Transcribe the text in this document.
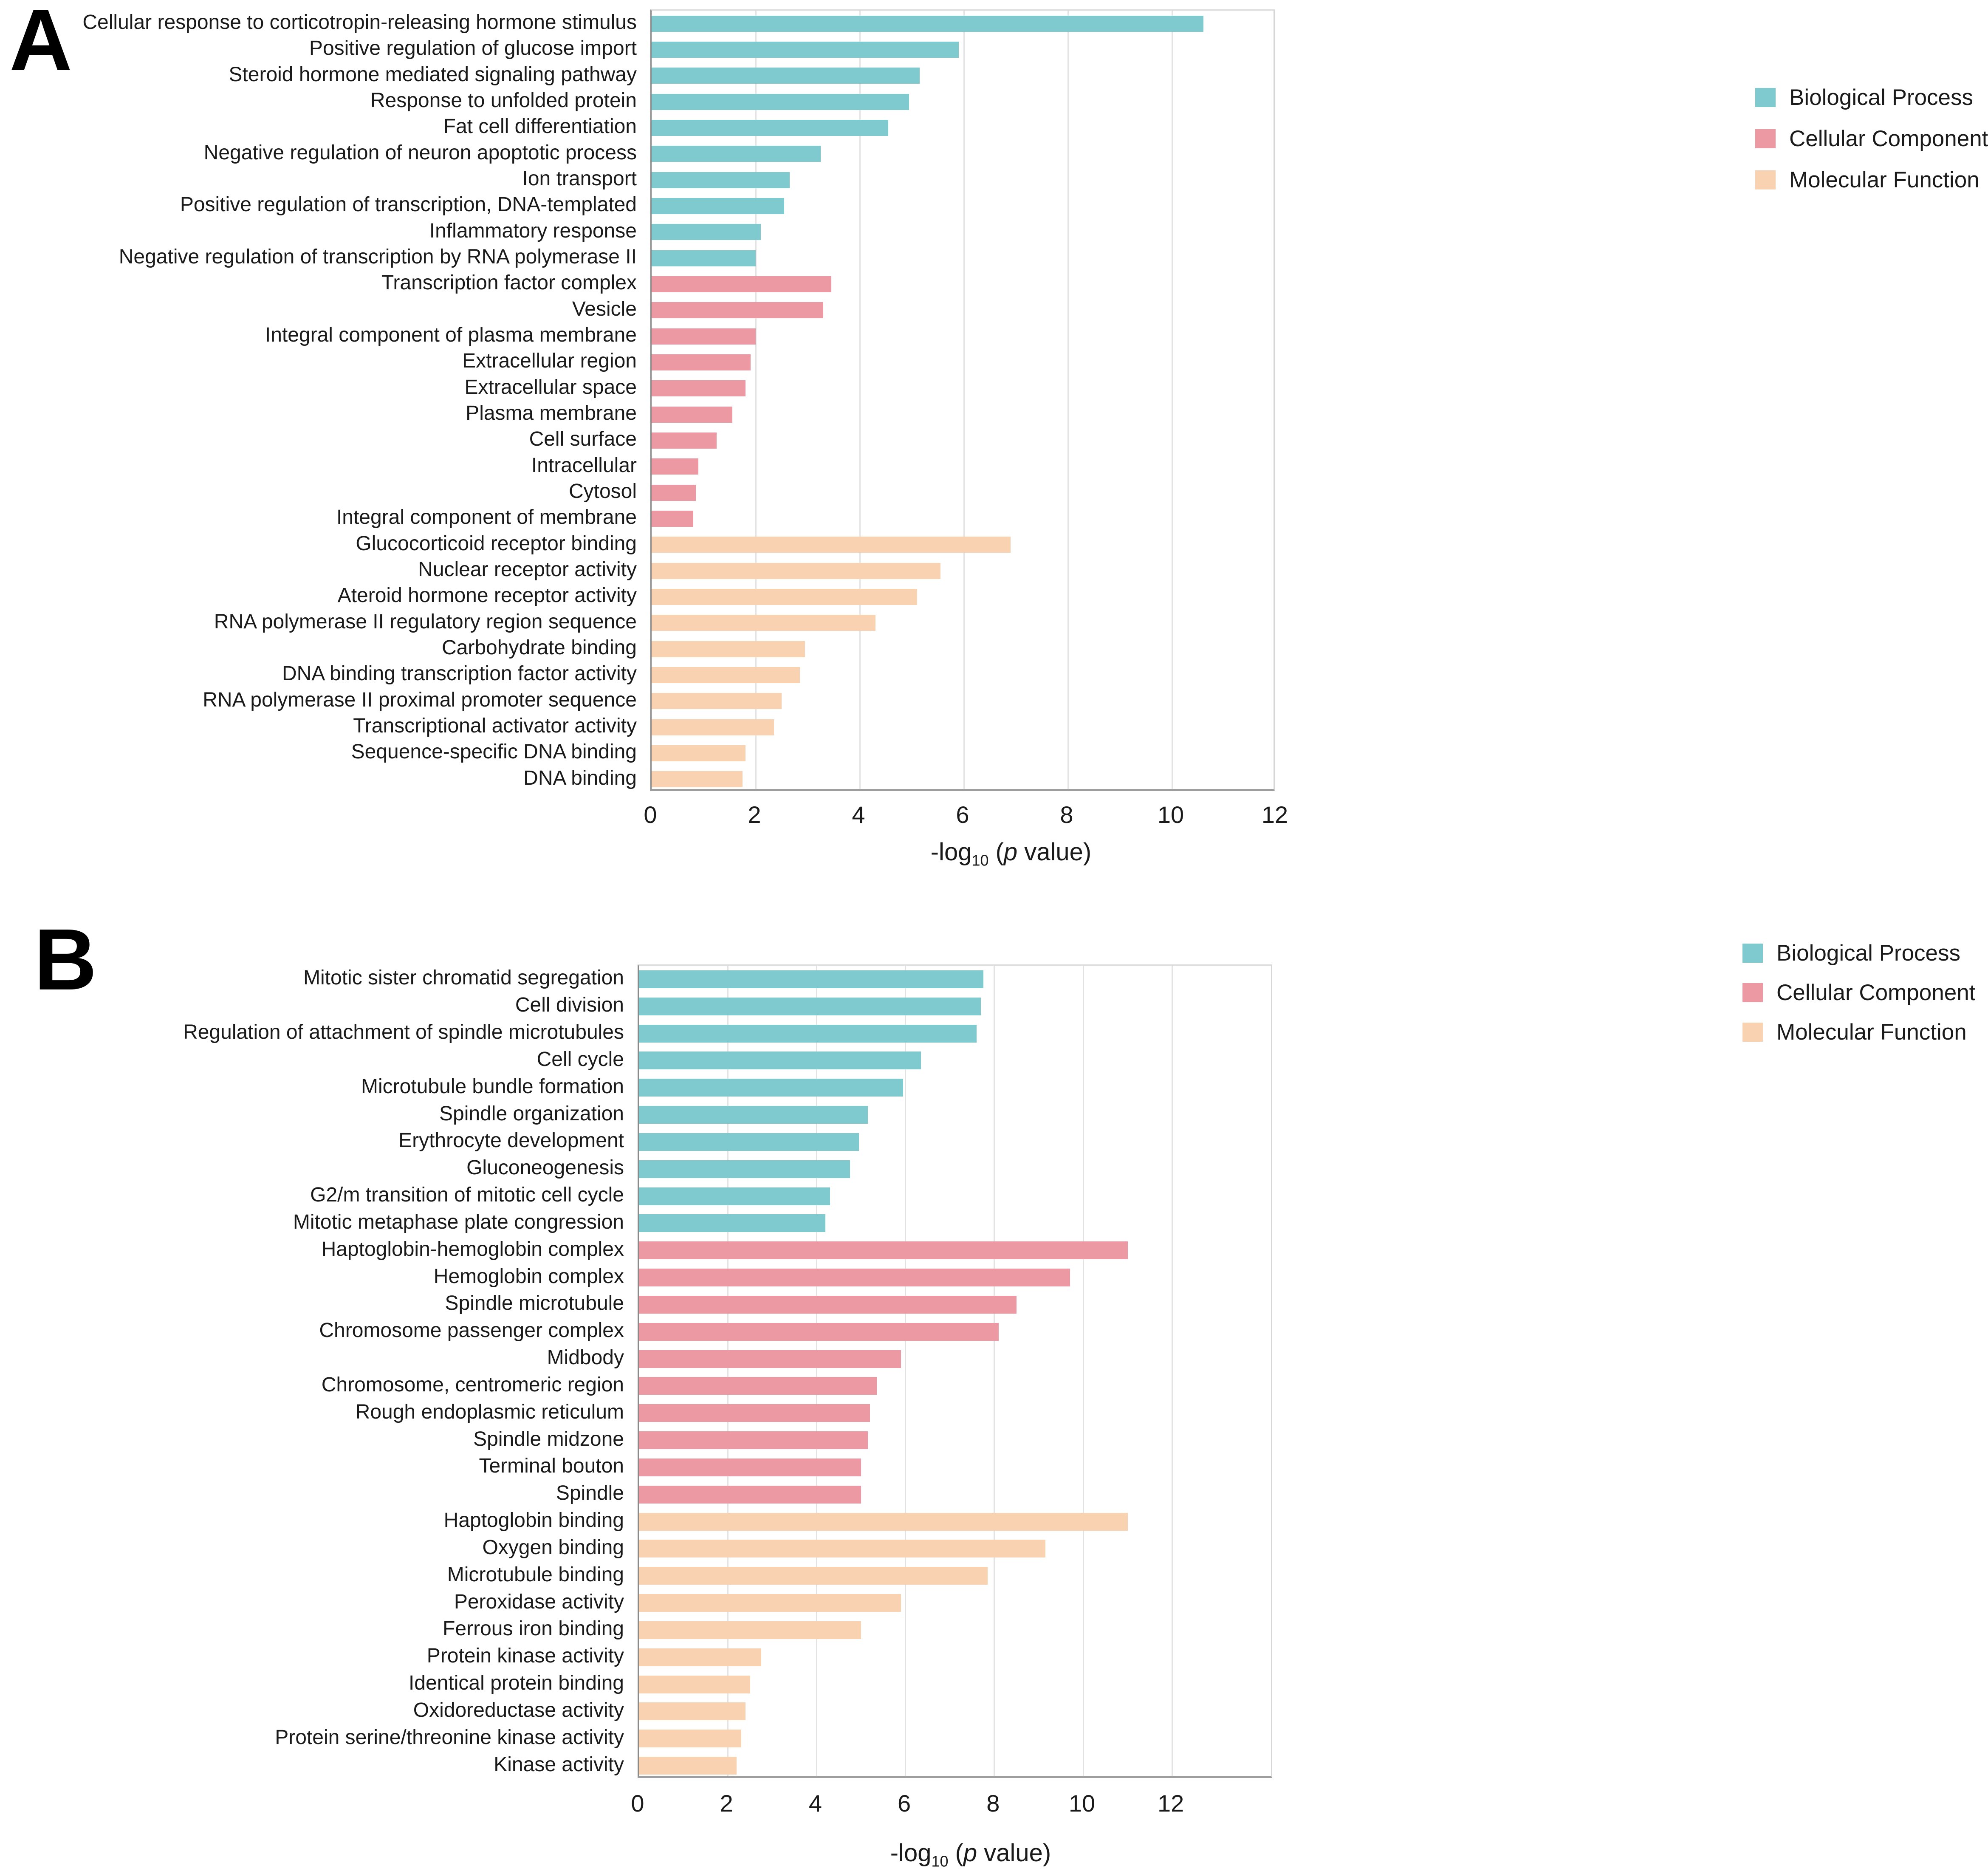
A Cellular response to corticotropin-releasing hormone stimulus
Positive regulation of glucose import
Steroid hormone mediated signaling pathway
Response to unfolded protein
Fat cell differentiation
Negative regulation of neuron apoptotic process
Ion transport
Positive regulation of transcription, DNA-templated
Inflammatory response
Negative regulation of transcription by RNA polymerase II
Transcription factor complex
Vesicle
Integral component of plasma membrane
Extracellular region
Extracellular space
Plasma membrane
Cell surface
Intracellular
Cytosol
Integral component of membrane
Glucocorticoid receptor binding
Nuclear receptor activity
Ateroid hormone receptor activity
RNA polymerase II regulatory region sequence
Carbohydrate binding
DNA binding transcription factor activity
RNA polymerase II proximal promoter sequence
Transcriptional activator activity
Sequence-specific DNA binding
DNA binding
Biological Process
Cellular Component
Molecular Function
0	2	4	6	8	10	12
$-\log_{10}$ (p value)
B	Mitotic sister chromatid segregation
Cell division
Regulation of attachment of spindle microtubules
Cell cycle
Microtubule bundle formation
Spindle organization
Erythrocyte development
Gluconeogenesis
G2/m transition of mitotic cell cycle
Mitotic metaphase plate congression
Haptoglobin-hemoglobin complex
Hemoglobin complex
Spindle microtubule
Chromosome passenger complex
Midbody
Chromosome, centromeric region
Rough endoplasmic reticulum
Spindle midzone
Terminal bouton
Spindle
Haptoglobin binding
Oxygen binding
Microtubule binding
Peroxidase activity
Ferrous iron binding
Protein kinase activity
Identical protein binding
Oxidoreductase activity
Protein serine/threonine kinase activity
Kinase activity
Biological Process
Cellular Component
Molecular Function
0	2	4	6	8	10	12
$-\log_{10}$ (p value)
